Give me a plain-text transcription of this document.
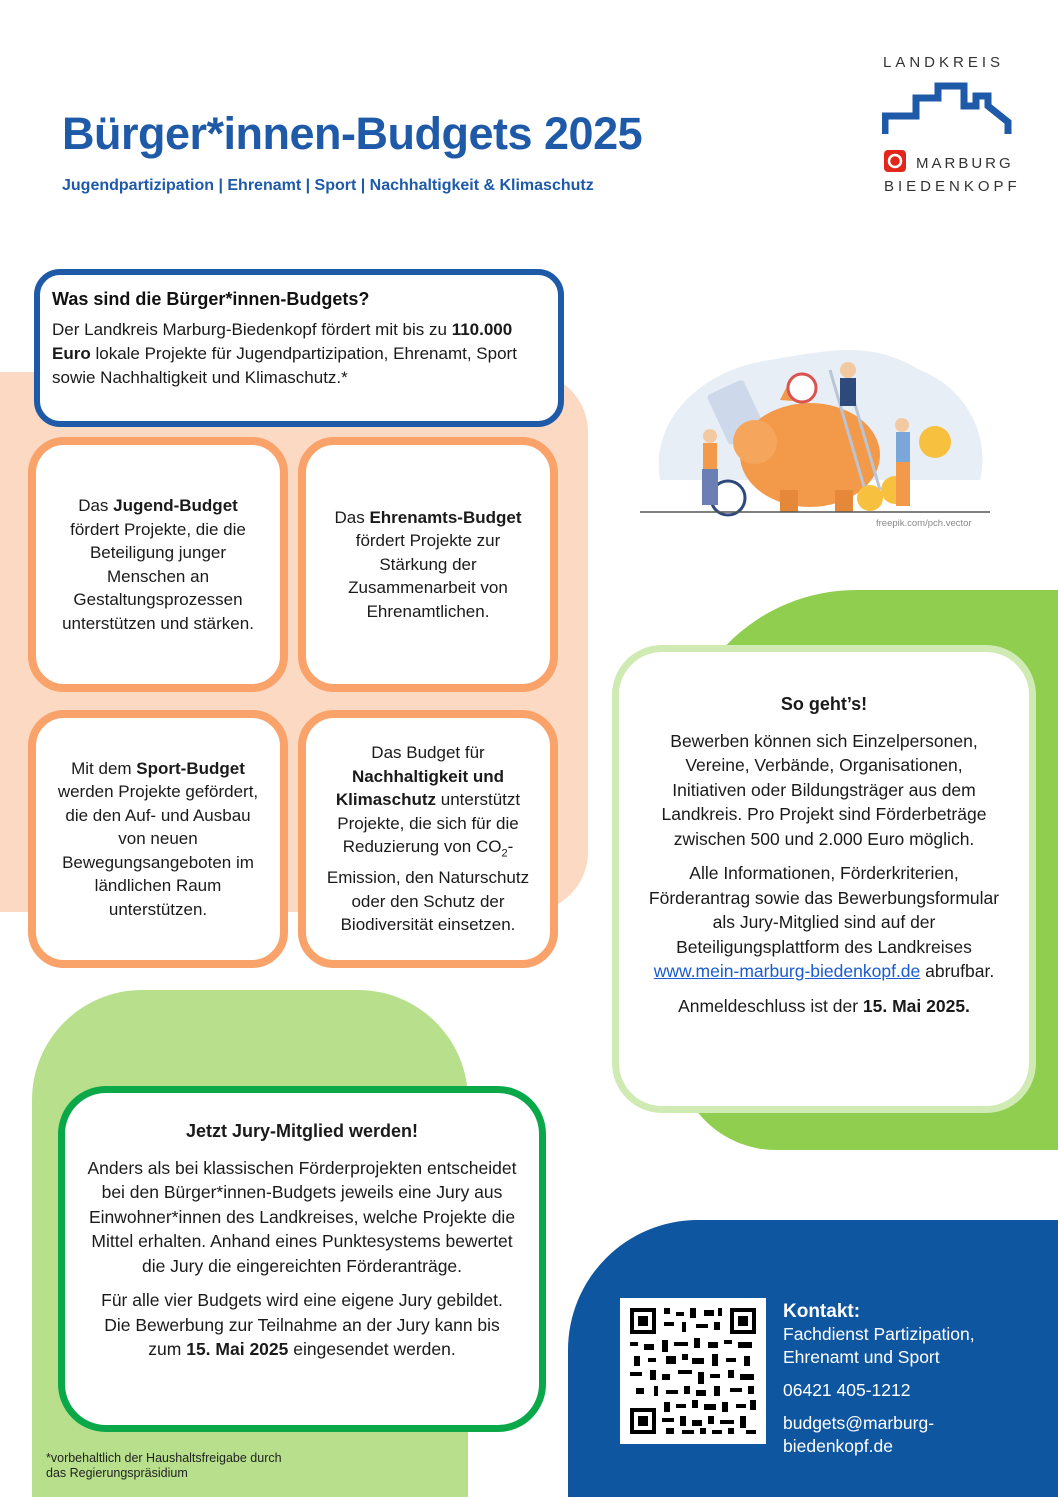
Bürger*innen-Budgets 2025
Jugendpartizipation | Ehrenamt | Sport | Nachhaltigkeit & Klimaschutz
LANDKREIS
MARBURG
BIEDENKOPF
Was sind die Bürger*innen-Budgets?

Der Landkreis Marburg-Biedenkopf fördert mit bis zu 110.000 Euro lokale Projekte für Jugendpartizipation, Ehrenamt, Sport sowie Nachhaltigkeit und Klimaschutz.*

Das Jugend-Budget fördert Projekte, die die Beteiligung junger Menschen an Gestaltungsprozessen unterstützen und stärken.
Das Ehrenamts-Budget fördert Projekte zur Stärkung der Zusammenarbeit von Ehrenamtlichen.
Mit dem Sport-Budget werden Projekte gefördert, die den Auf- und Ausbau von neuen Bewegungsangeboten im ländlichen Raum unterstützen.
Das Budget für Nachhaltigkeit und Klimaschutz unterstützt Projekte, die sich für die Reduzierung von $CO_2$-Emission, den Naturschutz oder den Schutz der Biodiversität einsetzen.
freepik.com/pch.vector
So geht’s!

Bewerben können sich Einzelpersonen, Vereine, Verbände, Organisationen, Initiativen oder Bildungsträger aus dem Landkreis. Pro Projekt sind Förderbeträge zwischen 500 und 2.000 Euro möglich.

Alle Informationen, Förderkriterien, Förderantrag sowie das Bewerbungsformular als Jury-Mitglied sind auf der Beteiligungsplattform des Landkreises www.mein-marburg-biedenkopf.de abrufbar.

Anmeldeschluss ist der 15. Mai 2025.

Jetzt Jury-Mitglied werden!

Anders als bei klassischen Förderprojekten entscheidet bei den Bürger*innen-Budgets jeweils eine Jury aus Einwohner*innen des Landkreises, welche Projekte die Mittel erhalten. Anhand eines Punktesystems bewertet die Jury die eingereichten Förderanträge.

Für alle vier Budgets wird eine eigene Jury gebildet. Die Bewerbung zur Teilnahme an der Jury kann bis zum 15. Mai 2025 eingesendet werden.

*vorbehaltlich der Haushaltsfreigabe durch
das Regierungspräsidium
Kontakt:
Fachdienst Partizipation,
Ehrenamt und Sport
06421 405-1212
budgets@marburg-
biedenkopf.de
